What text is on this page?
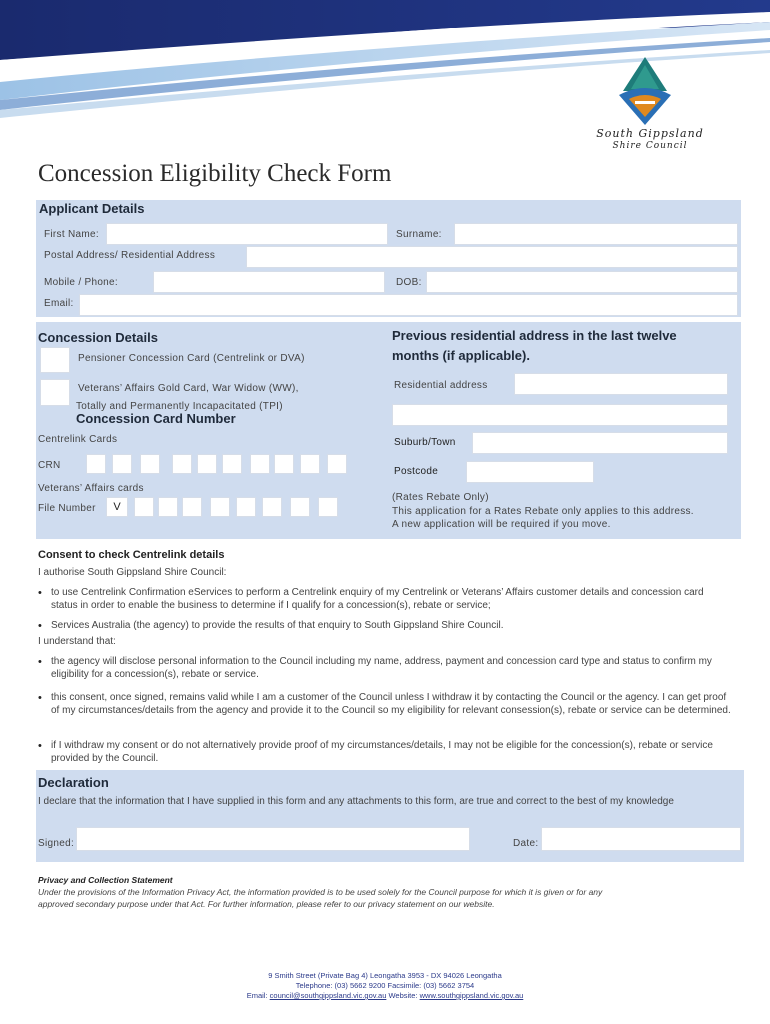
South Gippsland
Shire Council
Concession Eligibility Check Form
Applicant Details
First Name:	Surname:
Postal Address/ Residential Address
Mobile / Phone:	DOB:
Email:
Concession Details
Pensioner Concession Card (Centrelink or DVA)
Veterans’ Affairs Gold Card, War Widow (WW),
Totally and Permanently Incapacitated (TPI)
Concession Card Number
Centrelink Cards
CRN
Veterans’ Affairs cards
File Number	V
Previous residential address in the last twelve
months (if applicable).
Residential address
Suburb/Town
Postcode
(Rates Rebate Only)
This application for a Rates Rebate only applies to this address.
A new application will be required if you move.
Consent to check Centrelink details
I authorise South Gippsland Shire Council:
• to use Centrelink Confirmation eServices to perform a Centrelink enquiry of my Centrelink or Veterans’ Affairs customer details and concession card status in order to enable the business to determine if I qualify for a concession(s), rebate or service;
• Services Australia (the agency) to provide the results of that enquiry to South Gippsland Shire Council.
I understand that:
• the agency will disclose personal information to the Council including my name, address, payment and concession card type and status to confirm my eligibility for a concession(s), rebate or service.
• this consent, once signed, remains valid while I am a customer of the Council unless I withdraw it by contacting the Council or the agency. I can get proof of my circumstances/details from the agency and provide it to the Council so my eligibility for relevant consession(s), rebate or service can be determined.
• if I withdraw my consent or do not alternatively provide proof of my circumstances/details, I may not be eligible for the concession(s), rebate or service provided by the Council.
Declaration
I declare that the information that I have supplied in this form and any attachments to this form, are true and correct to the best of my knowledge
Signed:	Date:
Privacy and Collection Statement
Under the provisions of the Information Privacy Act, the information provided is to be used solely for the Council purpose for which it is given or for any
approved secondary purpose under that Act. For further information, please refer to our privacy statement on our website.
9 Smith Street (Private Bag 4) Leongatha 3953 - DX 94026 Leongatha
Telephone: (03) 5662 9200 Facsimile: (03) 5662 3754
Email: council@southgippsland.vic.gov.au Website: www.southgippsland.vic.gov.au
